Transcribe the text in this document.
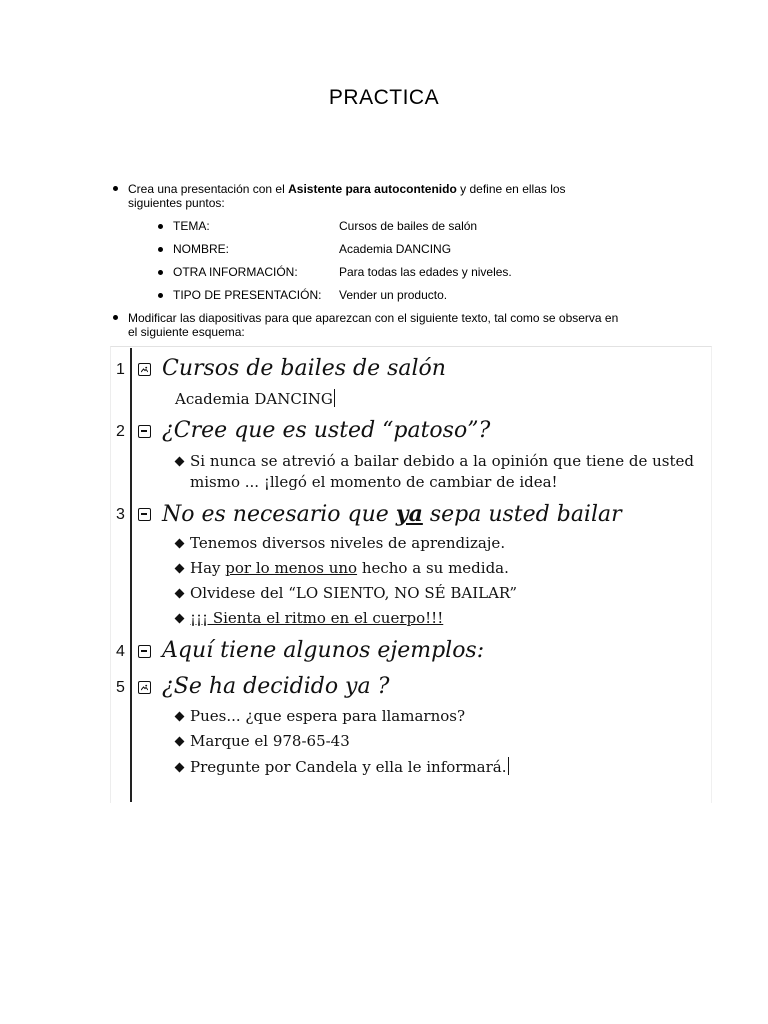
PRACTICA
Crea una presentación con el Asistente para autocontenido y define en ellas los
siguientes puntos:
TEMA:	Cursos de bailes de salón
NOMBRE:	Academia DANCING
OTRA INFORMACIÓN:	Para todas las edades y niveles.
TIPO DE PRESENTACIÓN: Vender un producto.
Modificar las diapositivas para que aparezcan con el siguiente texto, tal como se observa en
el siguiente esquema:
1 Cursos de bailes de salón
Academia DANCING
2 ¿Cree que es usted “patoso”?
Si nunca se atrevió a bailar debido a la opinión que tiene de usted
mismo ... ¡llegó el momento de cambiar de idea!
3 No es necesario que ya sepa usted bailar
Tenemos diversos niveles de aprendizaje.
Hay por lo menos uno hecho a su medida.
Olvidese del “LO SIENTO, NO SÉ BAILAR”
¡¡¡ Sienta el ritmo en el cuerpo!!!
4 Aquí tiene algunos ejemplos:
5 ¿Se ha decidido ya ?
Pues... ¿que espera para llamarnos?
Marque el 978-65-43
Pregunte por Candela y ella le informará.
